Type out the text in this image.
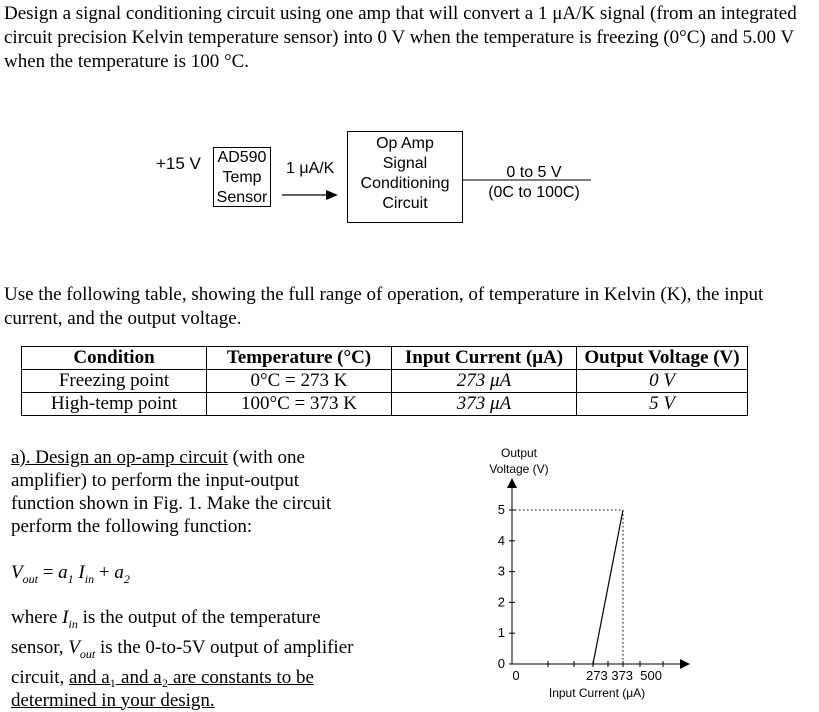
Design a signal conditioning circuit using one amp that will convert a 1 μA/K signal (from an integrated circuit precision Kelvin temperature sensor) into 0 V when the temperature is freezing (0°C) and 5.00 V when the temperature is 100 °C.
+15 V AD590
Temp
Sensor
1 μA/K
Op Amp
Signal
Conditioning
Circuit
0 to 5 V
(0C to 100C)
Use the following table, showing the full range of operation, of temperature in Kelvin (K), the input current, and the output voltage.
Condition	Temperature (°C)	Input Current (μA)	Output Voltage (V)
Freezing point	0°C = 273 K	273 μA	0 V
High-temp point	100°C = 373 K	373 μA	5 V
a). Design an op-amp circuit (with one amplifier) to perform the input-output function shown in Fig. 1. Make the circuit perform the following function:
$V_{out} = a_1$ $I_{in} + a_2$
where $I_{in}$ is the output of the temperature sensor, $V_{out}$ is the 0-to-5V output of amplifier circuit, and a₁ and a₂ are constants to be determined in your design.
Output
Voltage (V)
0
1
2
3
4
5
0	273 373  500
Input Current (μA)
